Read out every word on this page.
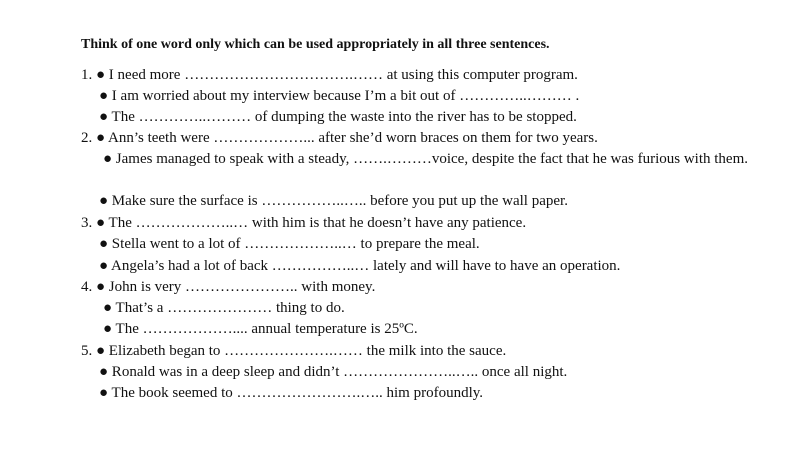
Think of one word only which can be used appropriately in all three sentences.
1. ● I need more …………………………….…… at using this computer program.
● I am worried about my interview because I’m a bit out of …………..……… .
● The …………..……… of dumping the waste into the river has to be stopped.
2. ● Ann’s teeth were ………………... after she’d worn braces on them for two years.
● James managed to speak with a steady, …….………voice, despite the fact that he was furious with them.
● Make sure the surface is ……………..….. before you put up the wall paper.
3. ● The ………………..… with him is that he doesn’t have any patience.
● Stella went to a lot of ………………..… to prepare the meal.
● Angela’s had a lot of back ……………..… lately and will have to have an operation.
4. ● John is very ………………….. with money.
● That’s a ………………… thing to do.
● The ……………….... annual temperature is 25ºC.
5. ● Elizabeth began to ………………….…… the milk into the sauce.
● Ronald was in a deep sleep and didn’t …………………..….. once all night.
● The book seemed to …………………….….. him profoundly.
